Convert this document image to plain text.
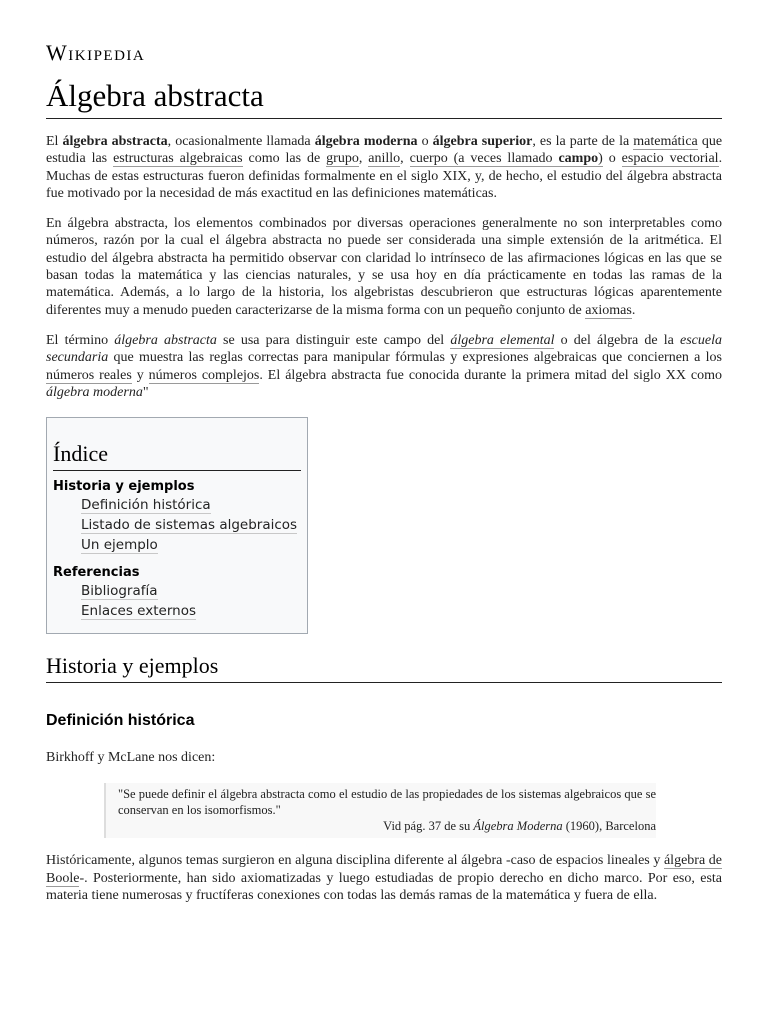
Wikipedia
Álgebra abstracta

El álgebra abstracta, ocasionalmente llamada álgebra moderna o álgebra superior, es la parte de la matemática que estudia las estructuras algebraicas como las de grupo, anillo, cuerpo (a veces llamado campo) o espacio vectorial. Muchas de estas estructuras fueron definidas formalmente en el siglo XIX, y, de hecho, el estudio del álgebra abstracta fue motivado por la necesidad de más exactitud en las definiciones matemáticas.

En álgebra abstracta, los elementos combinados por diversas operaciones generalmente no son interpretables como números, razón por la cual el álgebra abstracta no puede ser considerada una simple extensión de la aritmética. El estudio del álgebra abstracta ha permitido observar con claridad lo intrínseco de las afirmaciones lógicas en las que se basan todas la matemática y las ciencias naturales, y se usa hoy en día prácticamente en todas las ramas de la matemática. Además, a lo largo de la historia, los algebristas descubrieron que estructuras lógicas aparentemente diferentes muy a menudo pueden caracterizarse de la misma forma con un pequeño conjunto de axiomas.

El término álgebra abstracta se usa para distinguir este campo del álgebra elemental o del álgebra de la escuela secundaria que muestra las reglas correctas para manipular fórmulas y expresiones algebraicas que conciernen a los números reales y números complejos. El álgebra abstracta fue conocida durante la primera mitad del siglo XX como álgebra moderna"

Índice
Historia y ejemplos
Definición histórica
Listado de sistemas algebraicos
Un ejemplo
Referencias
Bibliografía
Enlaces externos
Historia y ejemplos
Definición histórica

Birkhoff y McLane nos dicen:

"Se puede definir el álgebra abstracta como el estudio de las propiedades de los sistemas algebraicos que se conservan en los isomorfismos."
Vid pág. 37 de su Álgebra Moderna (1960), Barcelona

Históricamente, algunos temas surgieron en alguna disciplina diferente al álgebra -caso de espacios lineales y álgebra de Boole-. Posteriormente, han sido axiomatizadas y luego estudiadas de propio derecho en dicho marco. Por eso, esta materia tiene numerosas y fructíferas conexiones con todas las demás ramas de la matemática y fuera de ella.
